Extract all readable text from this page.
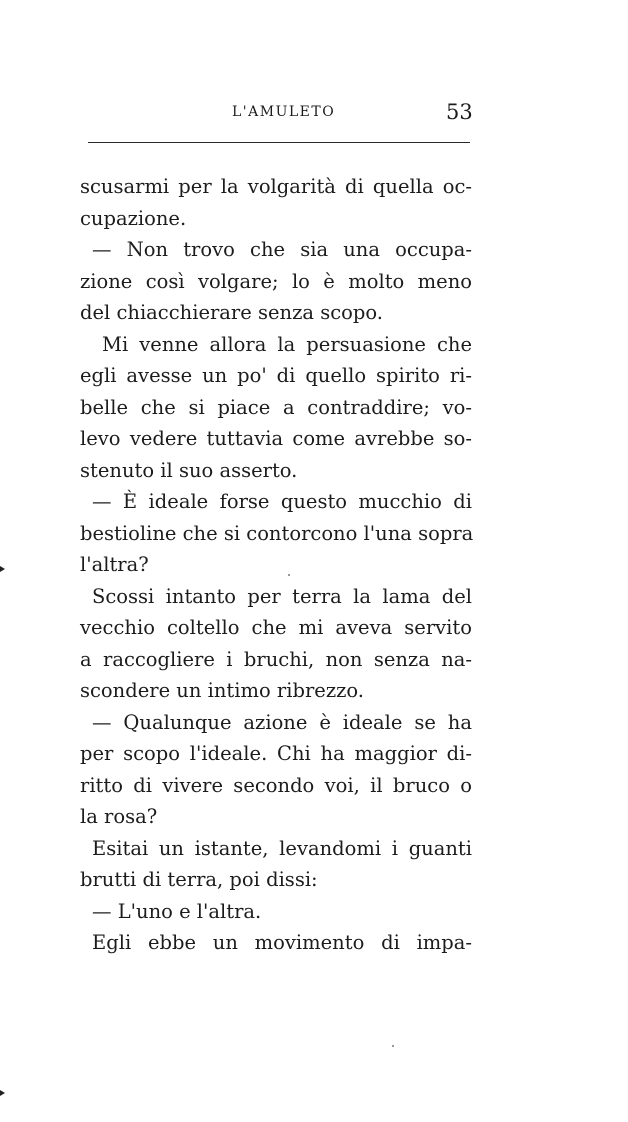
L'AMULETO	53
scusarmi per la volgarità di quella oc-
cupazione.
— Non trovo che sia una occupa-
zione così volgare; lo è molto meno
del chiacchierare senza scopo.
Mi venne allora la persuasione che
egli avesse un po' di quello spirito ri-
belle che si piace a contraddire; vo-
levo vedere tuttavia come avrebbe so-
stenuto il suo asserto.
— È ideale forse questo mucchio di
bestioline che si contorcono l'una sopra
l'altra?
Scossi intanto per terra la lama del
vecchio coltello che mi aveva servito
a raccogliere i bruchi, non senza na-
scondere un intimo ribrezzo.
— Qualunque azione è ideale se ha
per scopo l'ideale. Chi ha maggior di-
ritto di vivere secondo voi, il bruco o
la rosa?
Esitai un istante, levandomi i guanti
brutti di terra, poi dissi:
— L'uno e l'altra.
Egli ebbe un movimento di impa-
